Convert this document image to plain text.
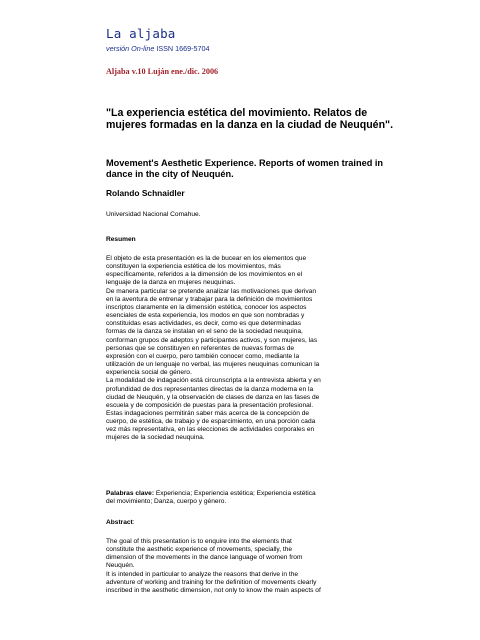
La aljaba
versión On-line ISSN 1669-5704
Aljaba v.10 Luján ene./dic. 2006
"La experiencia estética del movimiento. Relatos de mujeres formadas en la danza en la ciudad de Neuquén".
Movement's Aesthetic Experience. Reports of women trained in dance in the city of Neuquén.
Rolando Schnaidler
Universidad Nacional Comahue.
Resumen
El objeto de esta presentación es la de bucear en los elementos que
constituyen la experiencia estética de los movimientos, más
específicamente, referidos a la dimensión de los movimientos en el
lenguaje de la danza en mujeres neuquinas.
De manera particular se pretende analizar las motivaciones que derivan
en la aventura de entrenar y trabajar para la definición de movimientos
inscriptos claramente en la dimensión estética, conocer los aspectos
esenciales de esta experiencia, los modos en que son nombradas y
constituidas esas actividades, es decir, como es que determinadas
formas de la danza se instalan en el seno de la sociedad neuquina,
conforman grupos de adeptos y participantes activos, y son mujeres, las
personas que se constituyen en referentes de nuevas formas de
expresión con el cuerpo, pero también conocer como, mediante la
utilización de un lenguaje no verbal, las mujeres neuquinas comunican la
experiencia social de género.
La modalidad de indagación está circunscripta a la entrevista abierta y en
profundidad de dos representantes directas de la danza moderna en la
ciudad de Neuquén, y la observación de clases de danza en las fases de
escuela y de composición de puestas para la presentación profesional.
Estas indagaciones permitirán saber más acerca de la concepción de
cuerpo, de estética, de trabajo y de esparcimiento, en una porción cada
vez más representativa, en las elecciones de actividades corporales en
mujeres de la sociedad neuquina.
Palabras clave: Experiencia; Experiencia estética; Experiencia estética
del movimiento; Danza, cuerpo y género.
Abstract:
The goal of this presentation is to enquire into the elements that
constitute the aesthetic experience of movements, specially, the
dimension of the movements in the dance language of women from
Neuquén.
It is intended in particular to analyze the reasons that derive in the
adventure of working and training for the definition of movements clearly
inscribed in the aesthetic dimension, not only to know the main aspects of
